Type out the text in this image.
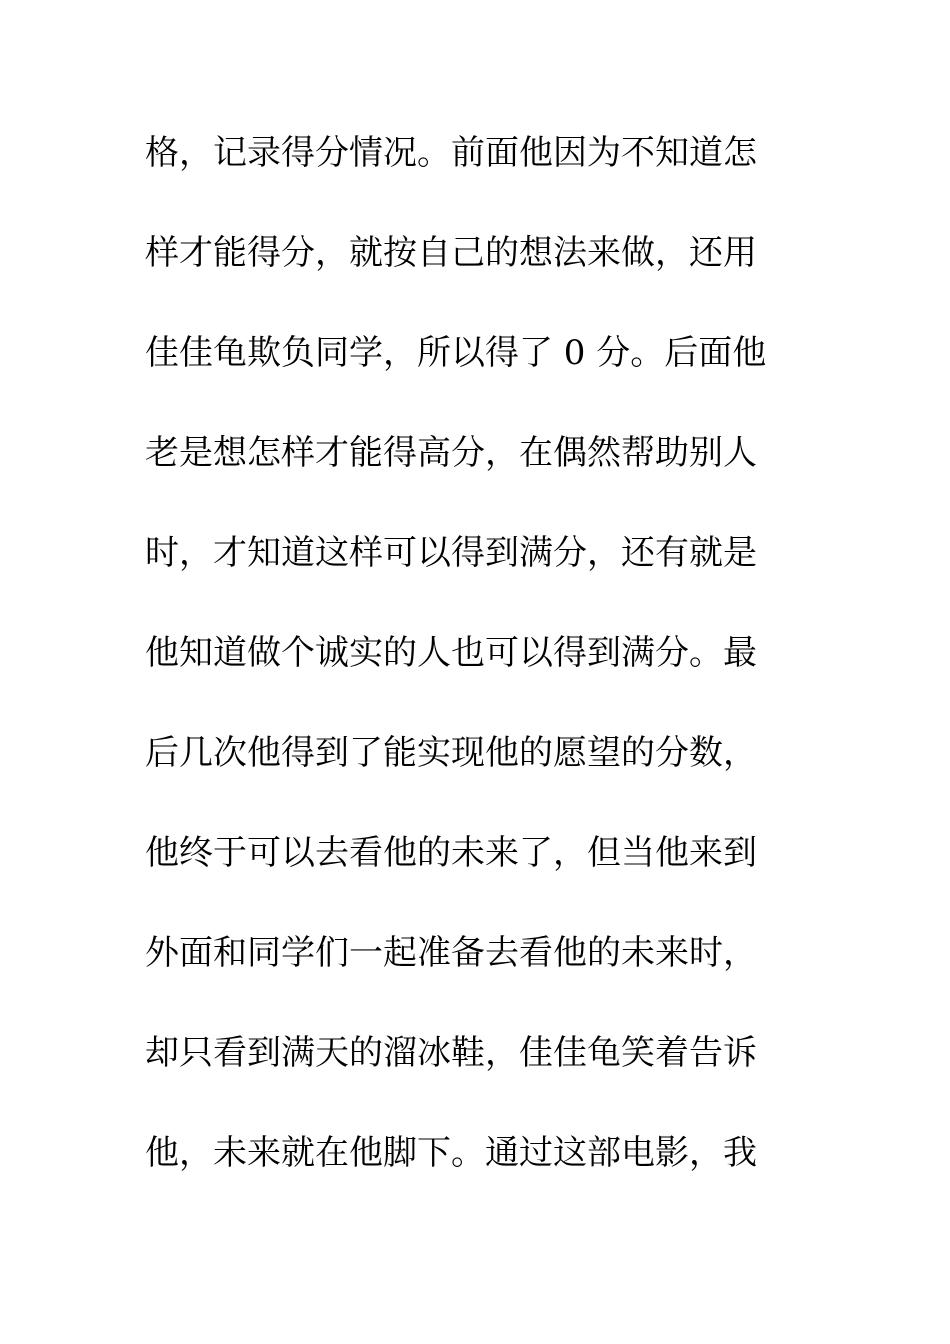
格，记录得分情况。前面他因为不知道怎
样才能得分，就按自己的想法来做，还用
佳佳龟欺负同学，所以得了 0 分。后面他
老是想怎样才能得高分，在偶然帮助别人
时，才知道这样可以得到满分，还有就是
他知道做个诚实的人也可以得到满分。最
后几次他得到了能实现他的愿望的分数，
他终于可以去看他的未来了，但当他来到
外面和同学们一起准备去看他的未来时，
却只看到满天的溜冰鞋，佳佳龟笑着告诉
他，未来就在他脚下。通过这部电影，我
